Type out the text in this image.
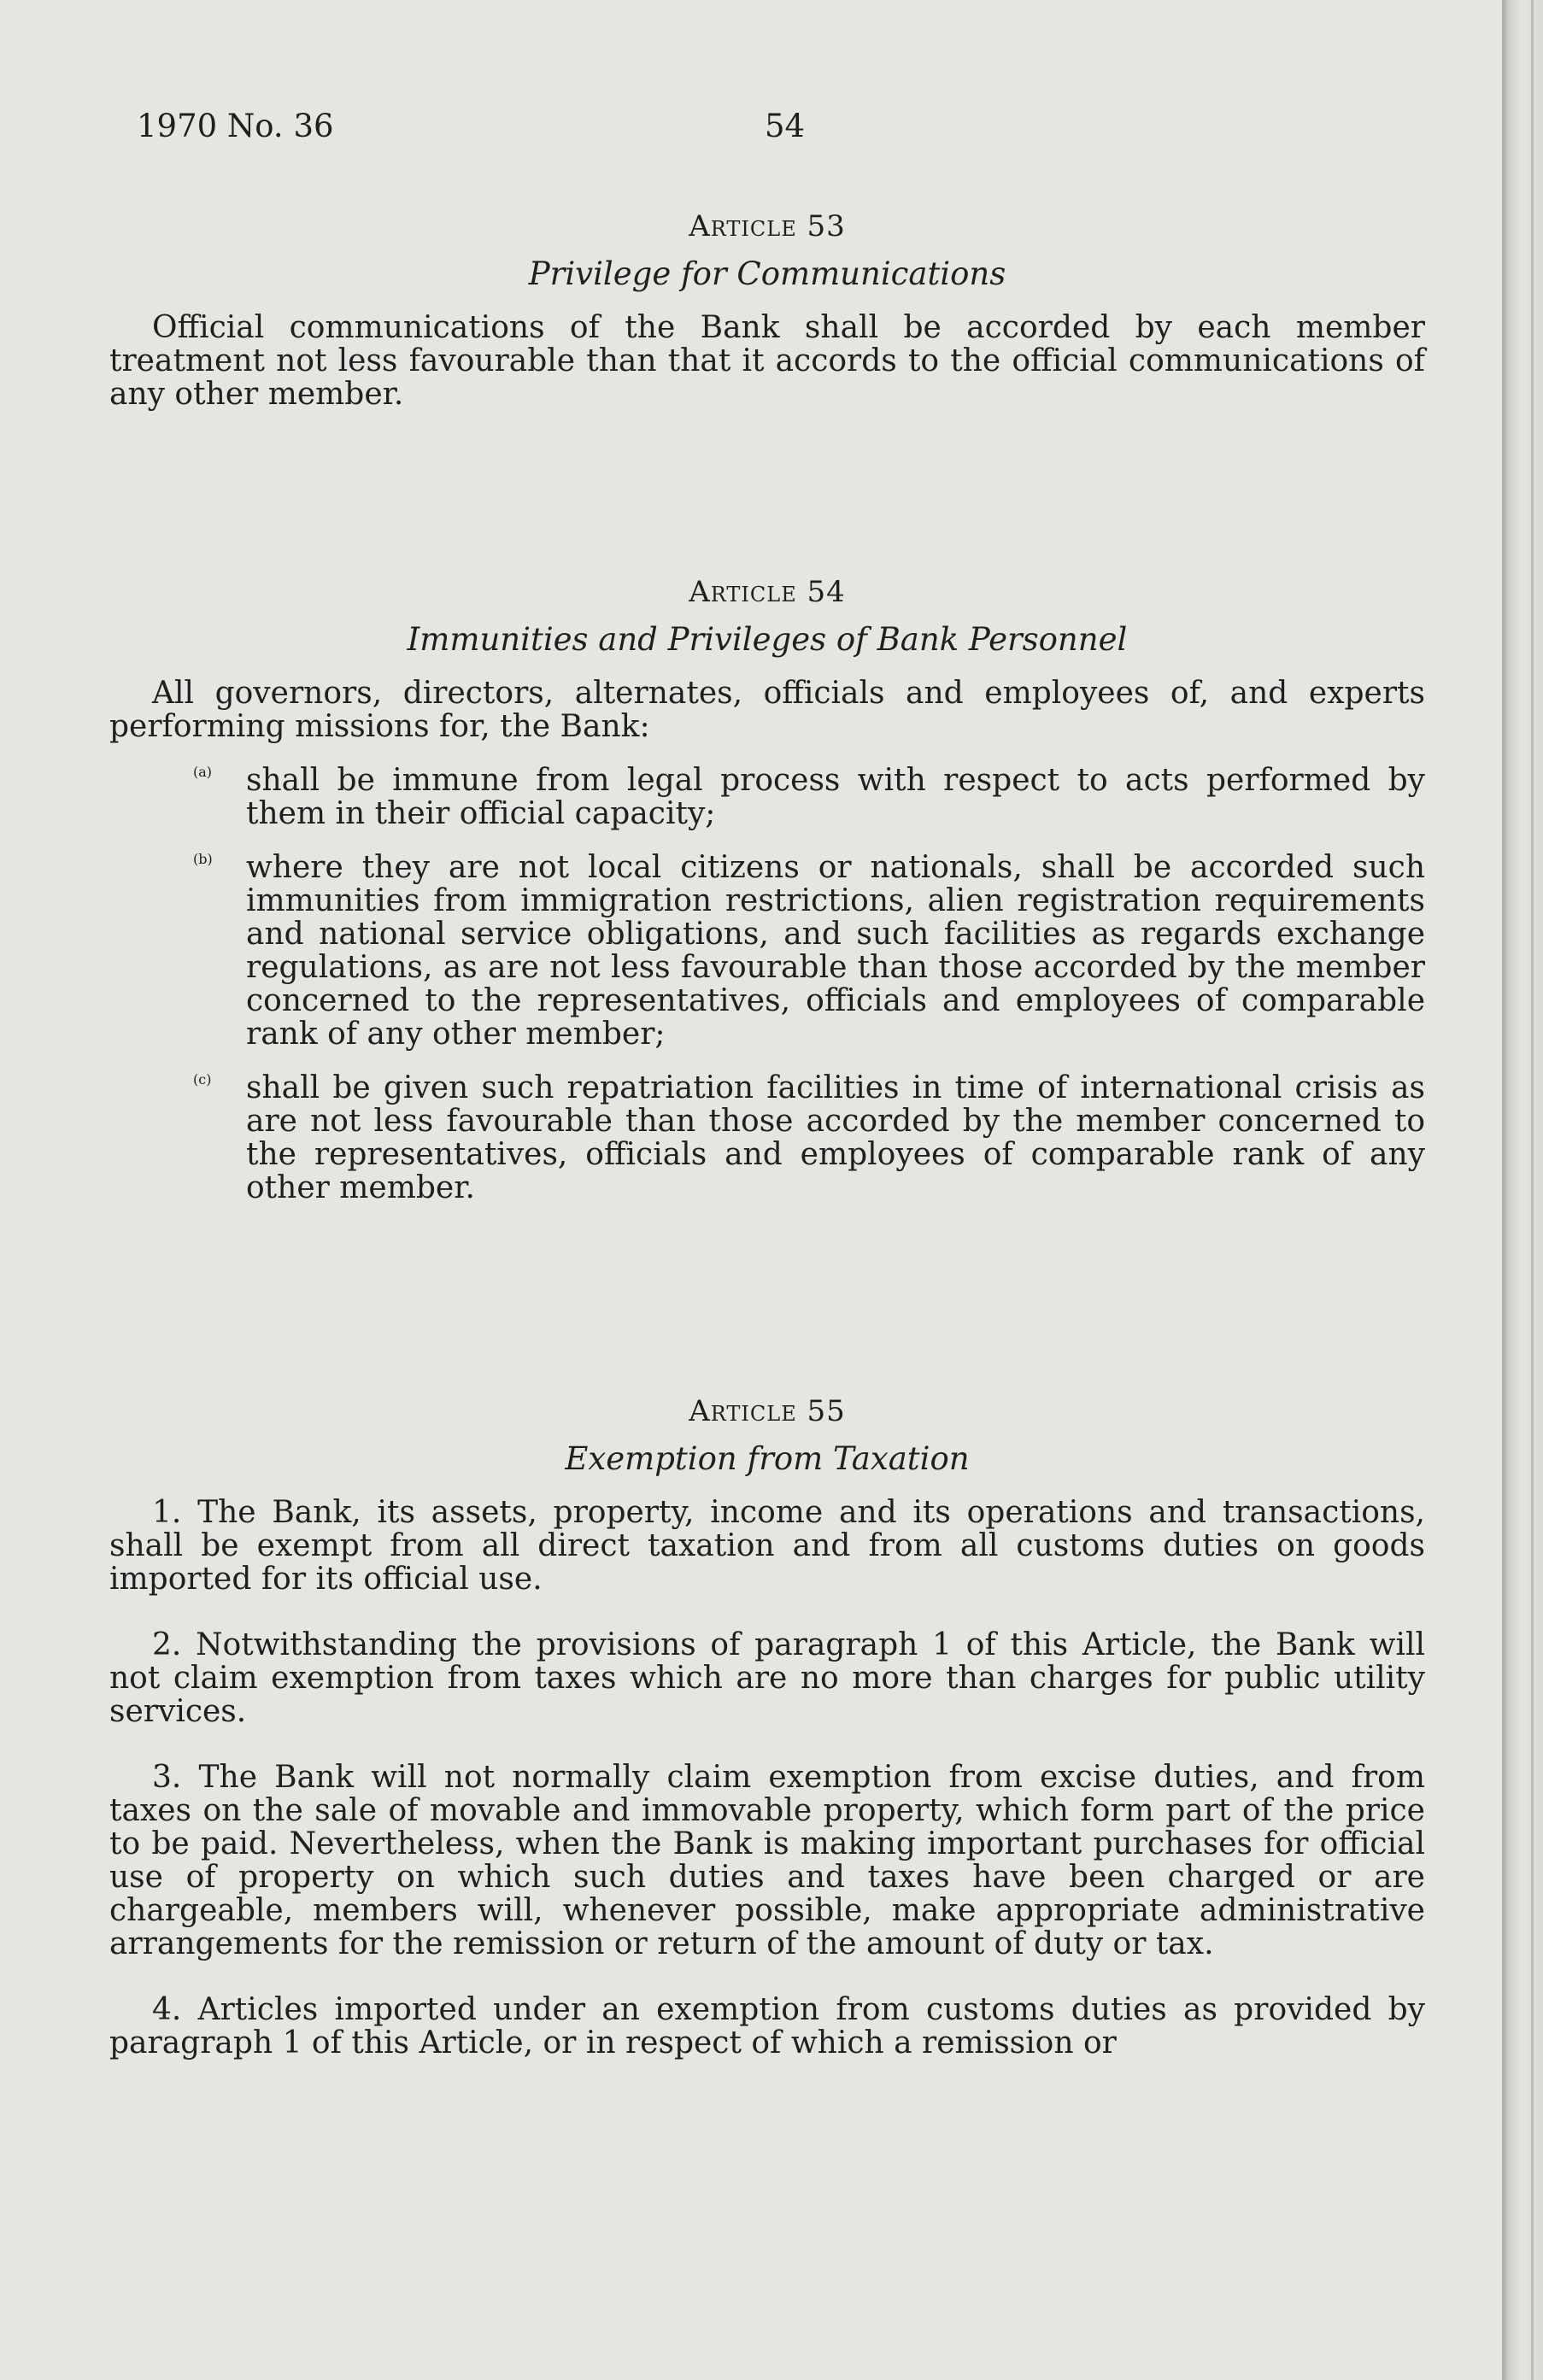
1970 No. 36	54
Article 53
Privilege for Communications

Official communications of the Bank shall be accorded by each member treatment not less favourable than that it accords to the official communications of any other member.

Article 54
Immunities and Privileges of Bank Personnel

All governors, directors, alternates, officials and employees of, and experts performing missions for, the Bank:

(a) shall be immune from legal process with respect to acts performed by them in their official capacity;

(b) where they are not local citizens or nationals, shall be accorded such immunities from immigration restrictions, alien registration requirements and national service obligations, and such facilities as regards exchange regulations, as are not less favourable than those accorded by the member concerned to the representatives, officials and employees of comparable rank of any other member;

(c) shall be given such repatriation facilities in time of international crisis as are not less favourable than those accorded by the member concerned to the representatives, officials and employees of comparable rank of any other member.

Article 55
Exemption from Taxation

1. The Bank, its assets, property, income and its operations and transactions, shall be exempt from all direct taxation and from all customs duties on goods imported for its official use.

2. Notwithstanding the provisions of paragraph 1 of this Article, the Bank will not claim exemption from taxes which are no more than charges for public utility services.

3. The Bank will not normally claim exemption from excise duties, and from taxes on the sale of movable and immovable property, which form part of the price to be paid. Nevertheless, when the Bank is making important purchases for official use of property on which such duties and taxes have been charged or are chargeable, members will, whenever possible, make appropriate administrative arrangements for the remission or return of the amount of duty or tax.

4. Articles imported under an exemption from customs duties as provided by paragraph 1 of this Article, or in respect of which a remission or
